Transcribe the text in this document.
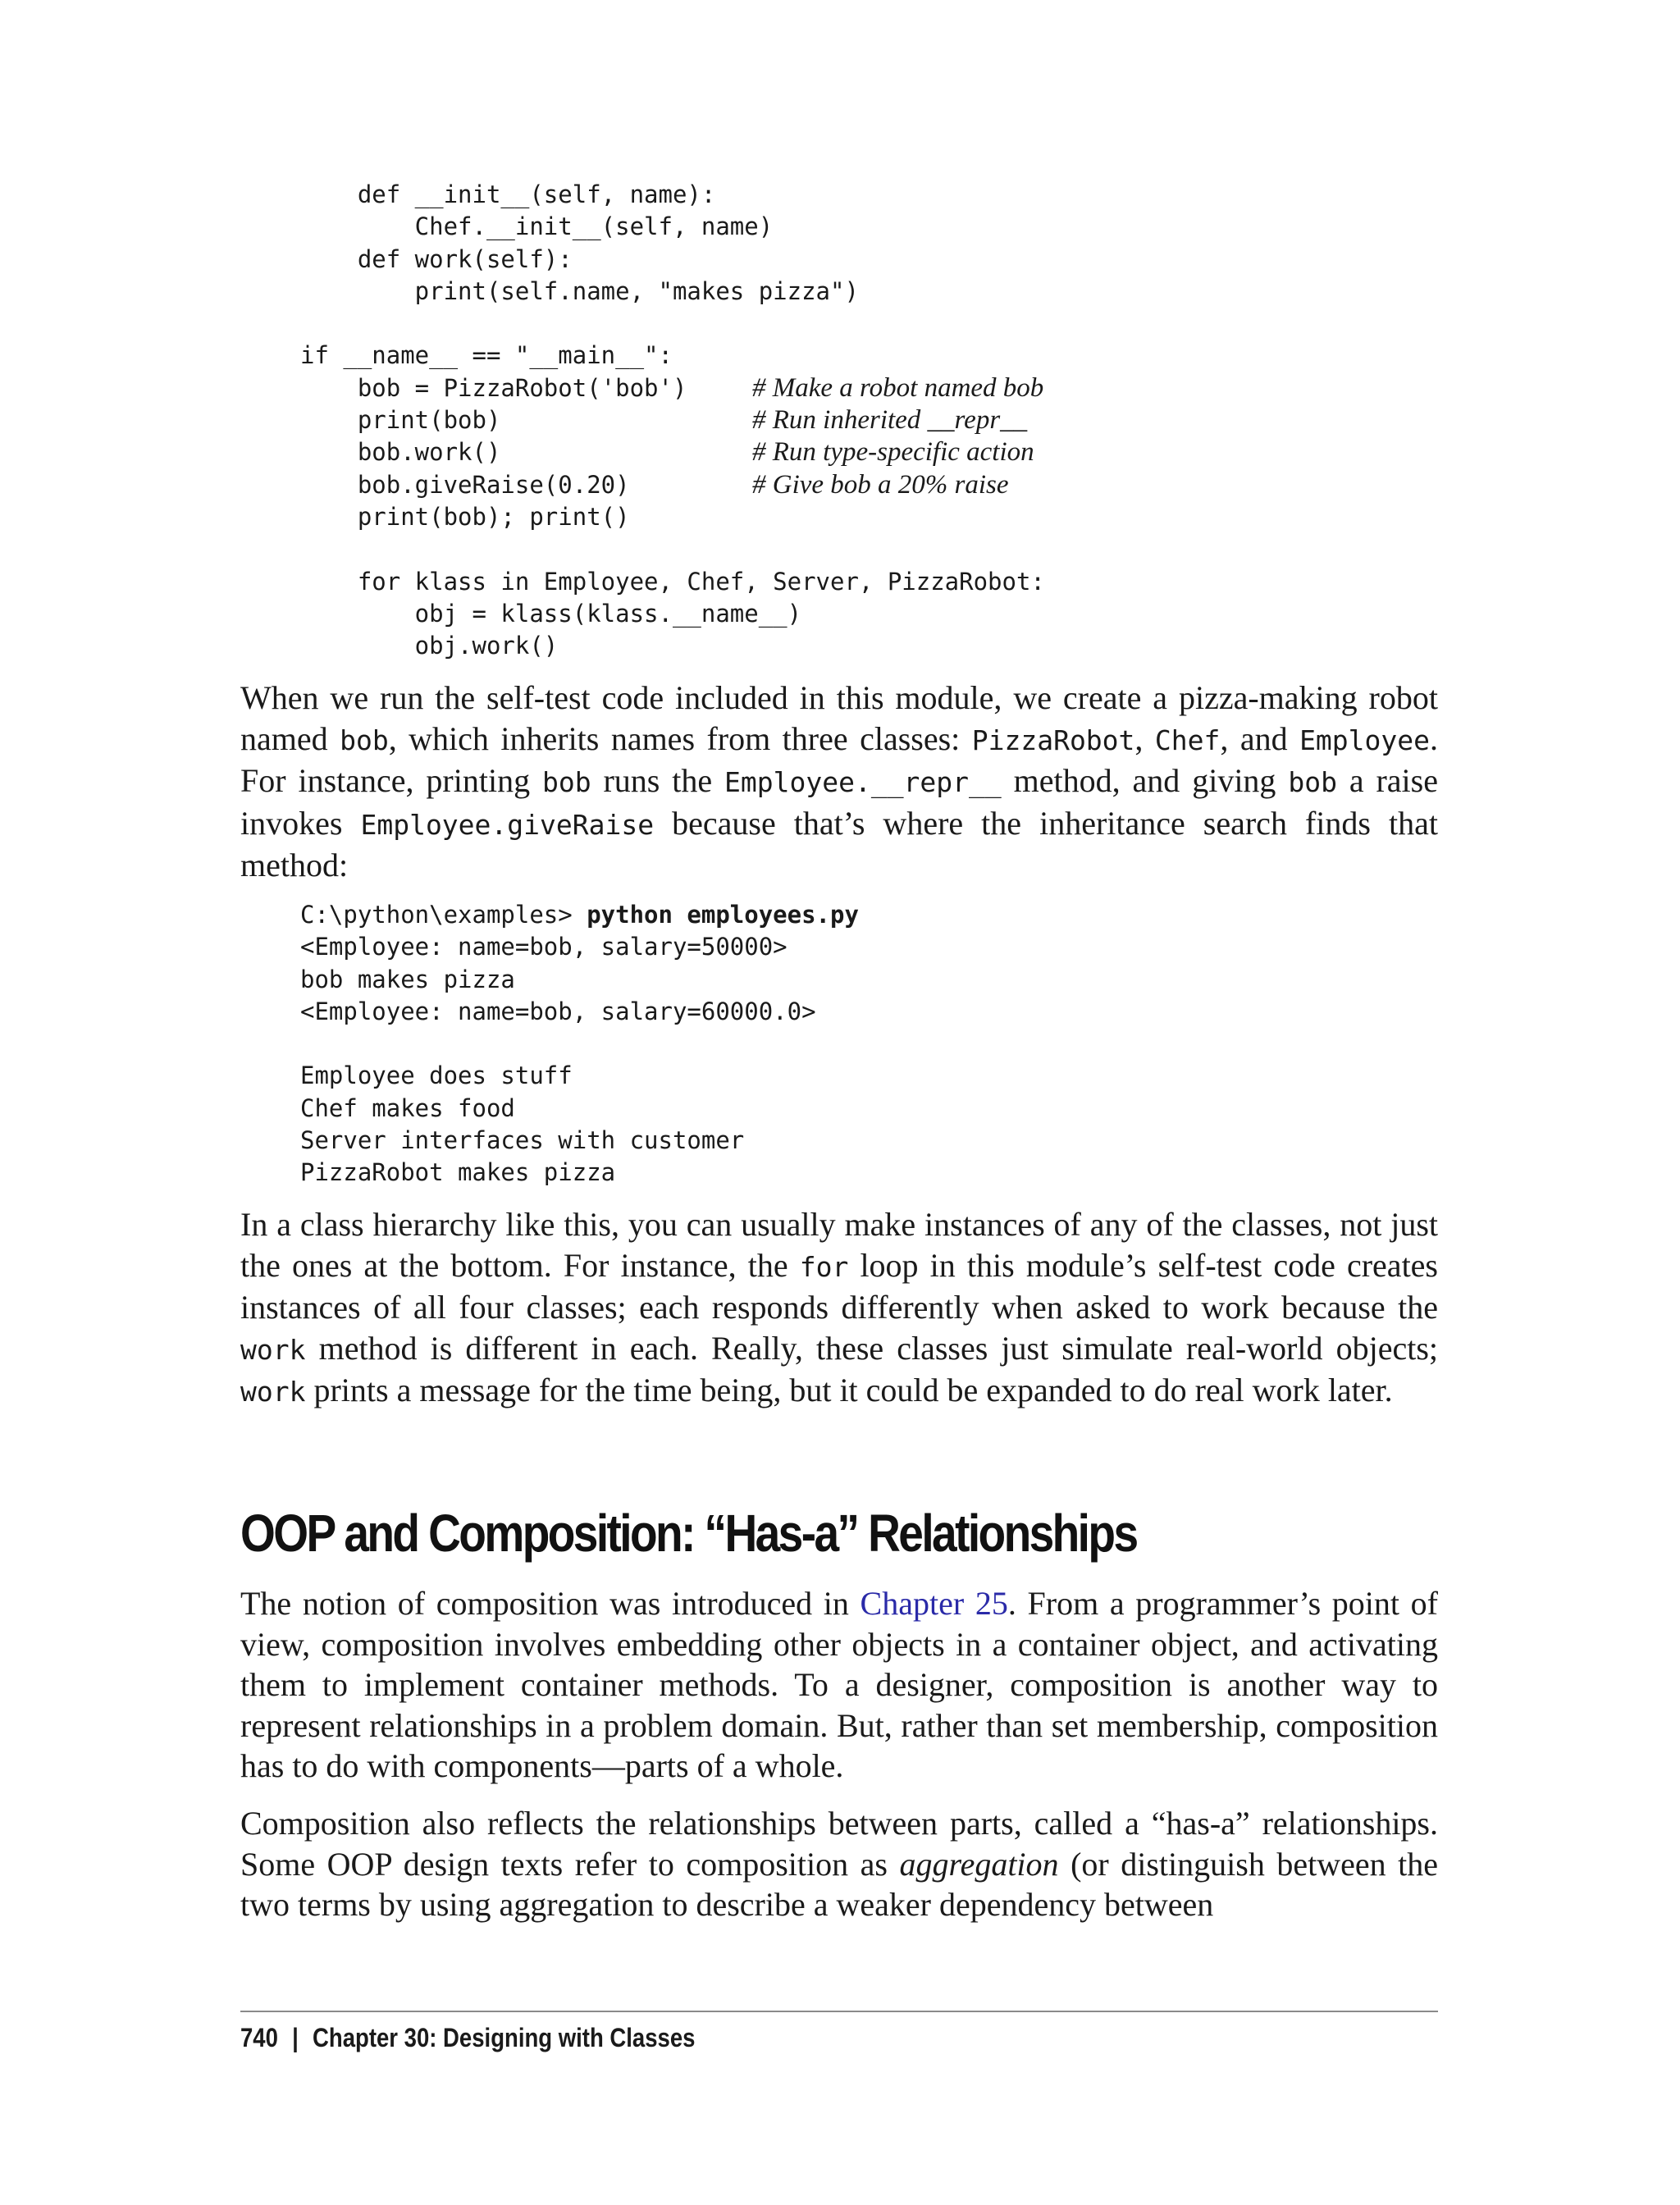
def __init__(self, name):
Chef.__init__(self, name)
def work(self):
print(self.name, "makes pizza")
if __name__ == "__main__":
bob = PizzaRobot('bob') # Make a robot named bob
print(bob)	# Run inherited __repr__
bob.work()	# Run type-specific action
bob.giveRaise(0.20)	# Give bob a 20% raise
print(bob); print()
for klass in Employee, Chef, Server, PizzaRobot:
obj = klass(klass.__name__)
obj.work()

When we run the self-test code included in this module, we create a pizza-making robot named bob, which inherits names from three classes: PizzaRobot, Chef, and Employee. For instance, printing bob runs the Employee.__repr__ method, and giving bob a raise invokes Employee.giveRaise because that’s where the inheritance search finds that method:

C:\python\examples> python employees.py
<Employee: name=bob, salary=50000>
bob makes pizza
<Employee: name=bob, salary=60000.0>
Employee does stuff
Chef makes food
Server interfaces with customer
PizzaRobot makes pizza

In a class hierarchy like this, you can usually make instances of any of the classes, not just the ones at the bottom. For instance, the for loop in this module’s self-test code creates instances of all four classes; each responds differently when asked to work because the work method is different in each. Really, these classes just simulate real-world objects; work prints a message for the time being, but it could be expanded to do real work later.

OOP and Composition: “Has-a” Relationships

The notion of composition was introduced in Chapter 25. From a programmer’s point of view, composition involves embedding other objects in a container object, and activating them to implement container methods. To a designer, composition is another way to represent relationships in a problem domain. But, rather than set membership, composition has to do with components—parts of a whole.

Composition also reflects the relationships between parts, called a “has-a” relationships. Some OOP design texts refer to composition as aggregation (or distinguish between the two terms by using aggregation to describe a weaker dependency between

740 | Chapter 30: Designing with Classes
